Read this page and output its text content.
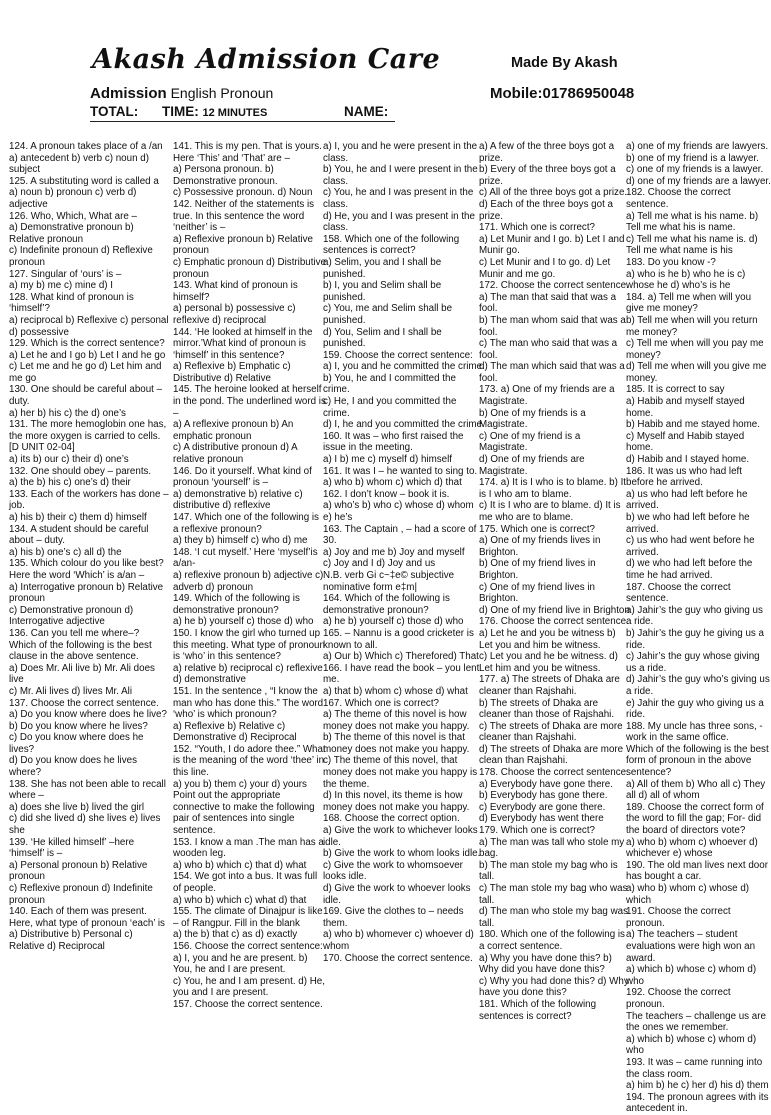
Akash Admission Care	Made By Akash
Admission English Pronoun	Mobile:01786950048
TOTAL: TIME: 12 MINUTES	NAME:

124. A pronoun takes place of a /an

a) antecedent b) verb c) noun d) subject

125. A substituting word is called a

a) noun b) pronoun c) verb d) adjective

126. Who, Which, What are –

a) Demonstrative pronoun b) Relative pronoun

c) Indefinite pronoun d) Reflexive pronoun

127. Singular of ‘ours’ is –

a) my b) me c) mine d) I

128. What kind of pronoun is ‘himself’?

a) reciprocal b) Reflexive c) personal d) possessive

129. Which is the correct sentence?

a) Let he and I go b) Let I and he go

c) Let me and he go d) Let him and me go

130. One should be careful about – duty.

a) her b) his c) the d) one’s

131. The more hemoglobin one has, the more oxygen is carried to cells. [D UNIT 02-04]

a) its b) our c) their d) one’s

132. One should obey – parents.

a) the b) his c) one’s d) their

133. Each of the workers has done – job.

a) his b) their c) them d) himself

134. A student should be careful about – duty.

a) his b) one’s c) all d) the

135. Which colour do you like best? Here the word ‘Which’ is a/an –

a) Interrogative pronoun b) Relative pronoun

c) Demonstrative pronoun d) Interrogative adjective

136. Can you tell me where–? Which of the following is the best clause in the above sentence.

a) Does Mr. Ali live b) Mr. Ali does live

c) Mr. Ali lives d) lives Mr. Ali

137. Choose the correct sentence.

a) Do you know where does he live?

b) Do you know where he lives?

c) Do you know where does he lives?

d) Do you know does he lives where?

138. She has not been able to recall where –

a) does she live b) lived the girl

c) did she lived d) she lives e) lives she

139. ‘He killed himself’ –here ‘himself’ is –

a) Personal pronoun b) Relative pronoun

c) Reflexive pronoun d) Indefinite pronoun

140. Each of them was present. Here, what type of pronoun ‘each’ is

a) Distributive b) Personal c) Relative d) Reciprocal

141. This is my pen. That is yours. Here ‘This’ and ‘That’ are –

a) Persona pronoun. b) Demonstrative pronoun.

c) Possessive pronoun. d) Noun

142. Neither of the statements is true. In this sentence the word ‘neither’ is –

a) Reflexive pronoun b) Relative pronoun

c) Emphatic pronoun d) Distributive pronoun

143. What kind of pronoun is himself?

a) personal b) possessive c) reflexive d) reciprocal

144. ‘He looked at himself in the mirror.’What kind of pronoun is ‘himself’ in this sentence?

a) Reflexive b) Emphatic c) Distributive d) Relative

145. The heroine looked at herself in the pond. The underlined word is –

a) A reflexive pronoun b) An emphatic pronoun

c) A distributive pronoun d) A relative pronoun

146. Do it yourself. What kind of pronoun ‘yourself’ is –

a) demonstrative b) relative c) distributive d) reflexive

147. Which one of the following is a reflexive pronoun?

a) they b) himself c) who d) me

148. ‘I cut myself.’ Here ‘myself’is a/an-

a) reflexive pronoun b) adjective c) adverb d) pronoun

149. Which of the following is demonstrative pronoun?

a) he b) yourself c) those d) who

150. I know the girl who turned up this meeting. What type of pronoun is ‘who’ in this sentence?

a) relative b) reciprocal c) reflexive d) demonstrative

151. In the sentence , “I know the man who has done this.” The word ‘who’ is which pronoun?

a) Reflexive b) Relative c) Demonstrative d) Reciprocal

152. “Youth, I do adore thee.” What is the meaning of the word ‘thee’ in this line.

a) you b) them c) your d) yours Point out the appropriate connective to make the following pair of sentences into single sentence.

153. I know a man .The man has a wooden leg.

a) who b) which c) that d) what

154. We got into a bus. It was full of people.

a) who b) which c) what d) that

155. The climate of Dinajpur is like – of Rangpur. Fill in the blank

a) the b) that c) as d) exactly

156. Choose the correct sentence:

a) I, you and he are present. b) You, he and I are present.

c) You, he and I am present. d) He, you and I are present.

157. Choose the correct sentence.

a) I, you and he were present in the class.

b) You, he and I were present in the class.

c) You, he and I was present in the class.

d) He, you and I was present in the class.

158. Which one of the following sentences is correct?

a) Selim, you and I shall be punished.

b) I, you and Selim shall be punished.

c) You, me and Selim shall be punished.

d) You, Selim and I shall be punished.

159. Choose the correct sentence:

a) I, you and he committed the crime.

b) You, he and I committed the crime.

c) He, I and you committed the crime.

d) I, he and you committed the crime.

160. It was – who first raised the issue in the meeting.

a) I b) me c) myself d) himself

161. It was I – he wanted to sing to.

a) who b) whom c) which d) that

162. I don’t know – book it is.

a) who’s b) who c) whose d) whom e) he’s

163. The Captain , – had a score of 30.

a) Joy and me b) Joy and myself

c) Joy and I d) Joy and us

N.B. verb Gi c~‡e© subjective nominative form e‡m|

164. Which of the following is demonstrative pronoun?

a) he b) yourself c) those d) who

165. – Nannu is a good cricketer is known to all.

a) Our b) Which c) Therefored) That

166. I have read the book – you lent me.

a) that b) whom c) whose d) what

167. Which one is correct?

a) The theme of this novel is how money does not make you happy.

b) The theme of this novel is that money does not make you happy.

c) The theme of this novel, that money does not make you happy is the theme.

d) In this novel, its theme is how money does not make you happy.

168. Choose the correct option.

a) Give the work to whichever looks idle.

b) Give the work to whom looks idle.

c) Give the work to whomsoever looks idle.

d) Give the work to whoever looks idle.

169. Give the clothes to – needs them.

a) who b) whomever c) whoever d) whom

170. Choose the correct sentence.

a) A few of the three boys got a prize.

b) Every of the three boys got a prize.

c) All of the three boys got a prize.

d) Each of the three boys got a prize.

171. Which one is correct?

a) Let Munir and I go. b) Let I and Munir go.

c) Let Munir and I to go. d) Let Munir and me go.

172. Choose the correct sentence.

a) The man that said that was a fool.

b) The man whom said that was a fool.

c) The man who said that was a fool.

d) The man which said that was a fool.

173. a) One of my friends are a Magistrate.

b) One of my friends is a Magistrate.

c) One of my friend is a Magistrate.

d) One of my friends are Magistrate.

174. a) It is I who is to blame. b) It is I who am to blame.

c) It is I who are to blame. d) It is me who are to blame.

175. Which one is correct?

a) One of my friends lives in Brighton.

b) One of my friend lives in Brighton.

c) One of my friend lives in Brighton.

d) One of my friend live in Brighton

176. Choose the correct sentence.

a) Let he and you be witness b) Let you and him be witness.

c) Let you and he be witness. d) Let him and you be witness.

177. a) The streets of Dhaka are cleaner than Rajshahi.

b) The streets of Dhaka are cleaner than those of Rajshahi.

c) The streets of Dhaka are more cleaner than Rajshahi.

d) The streets of Dhaka are more clean than Rajshahi.

178. Choose the correct sentence:

a) Everybody have gone there.

b) Everybody has gone there.

c) Everybody are gone there.

d) Everybody has went there

179. Which one is correct?

a) The man was tall who stole my bag.

b) The man stole my bag who is tall.

c) The man stole my bag who was tall.

d) The man who stole my bag was tall.

180. Which one of the following is a correct sentence.

a) Why you have done this? b) Why did you have done this?

c) Why you had done this? d) Why have you done this?

181. Which of the following sentences is correct?

a) one of my friends are lawyers.

b) one of my friend is a lawyer.

c) one of my friends is a lawyer.

d) one of my friends are a lawyer.

182. Choose the correct sentence.

a) Tell me what is his name. b) Tell me what his is name.

c) Tell me what his name is. d) Tell me what name is his

183. Do you know -?

a) who is he b) who he is c) whose he d) who’s is he

184. a) Tell me when will you give me money?

b) Tell me when will you return me money?

c) Tell me when will you pay me money?

d) Tell me when will you give me money.

185. It is correct to say

a) Habib and myself stayed home.

b) Habib and me stayed home.

c) Myself and Habib stayed home.

d) Habib and I stayed home.

186. It was us who had left before he arrived.

a) us who had left before he arrived.

b) we who had left before he arrived.

c) us who had went before he arrived.

d) we who had left before the time he had arrived.

187. Choose the correct sentence.

a) Jahir’s the guy who giving us a ride.

b) Jahir’s the guy he giving us a ride.

c) Jahir’s the guy whose giving us a ride.

d) Jahir’s the guy who’s giving us a ride.

e) Jahir the guy who giving us a ride.

188. My uncle has three sons, - work in the same office.

Which of the following is the best form of pronoun in the above sentence?

a) All of them b) Who all c) They all d) all of whom

189. Choose the correct form of the word to fill the gap; For- did the board of directors vote?

a) who b) whom c) whoever d) whichever e) whose

190. The old man lives next door has bought a car.

a) who b) whom c) whose d) which

191. Choose the correct pronoun.

a) The teachers – student evaluations were high won an award.

a) which b) whose c) whom d) who

192. Choose the correct pronoun.

The teachers – challenge us are the ones we remember.

a) which b) whose c) whom d) who

193. It was – came running into the class room.

a) him b) he c) her d) his d) them

194. The pronoun agrees with its antecedent in.
